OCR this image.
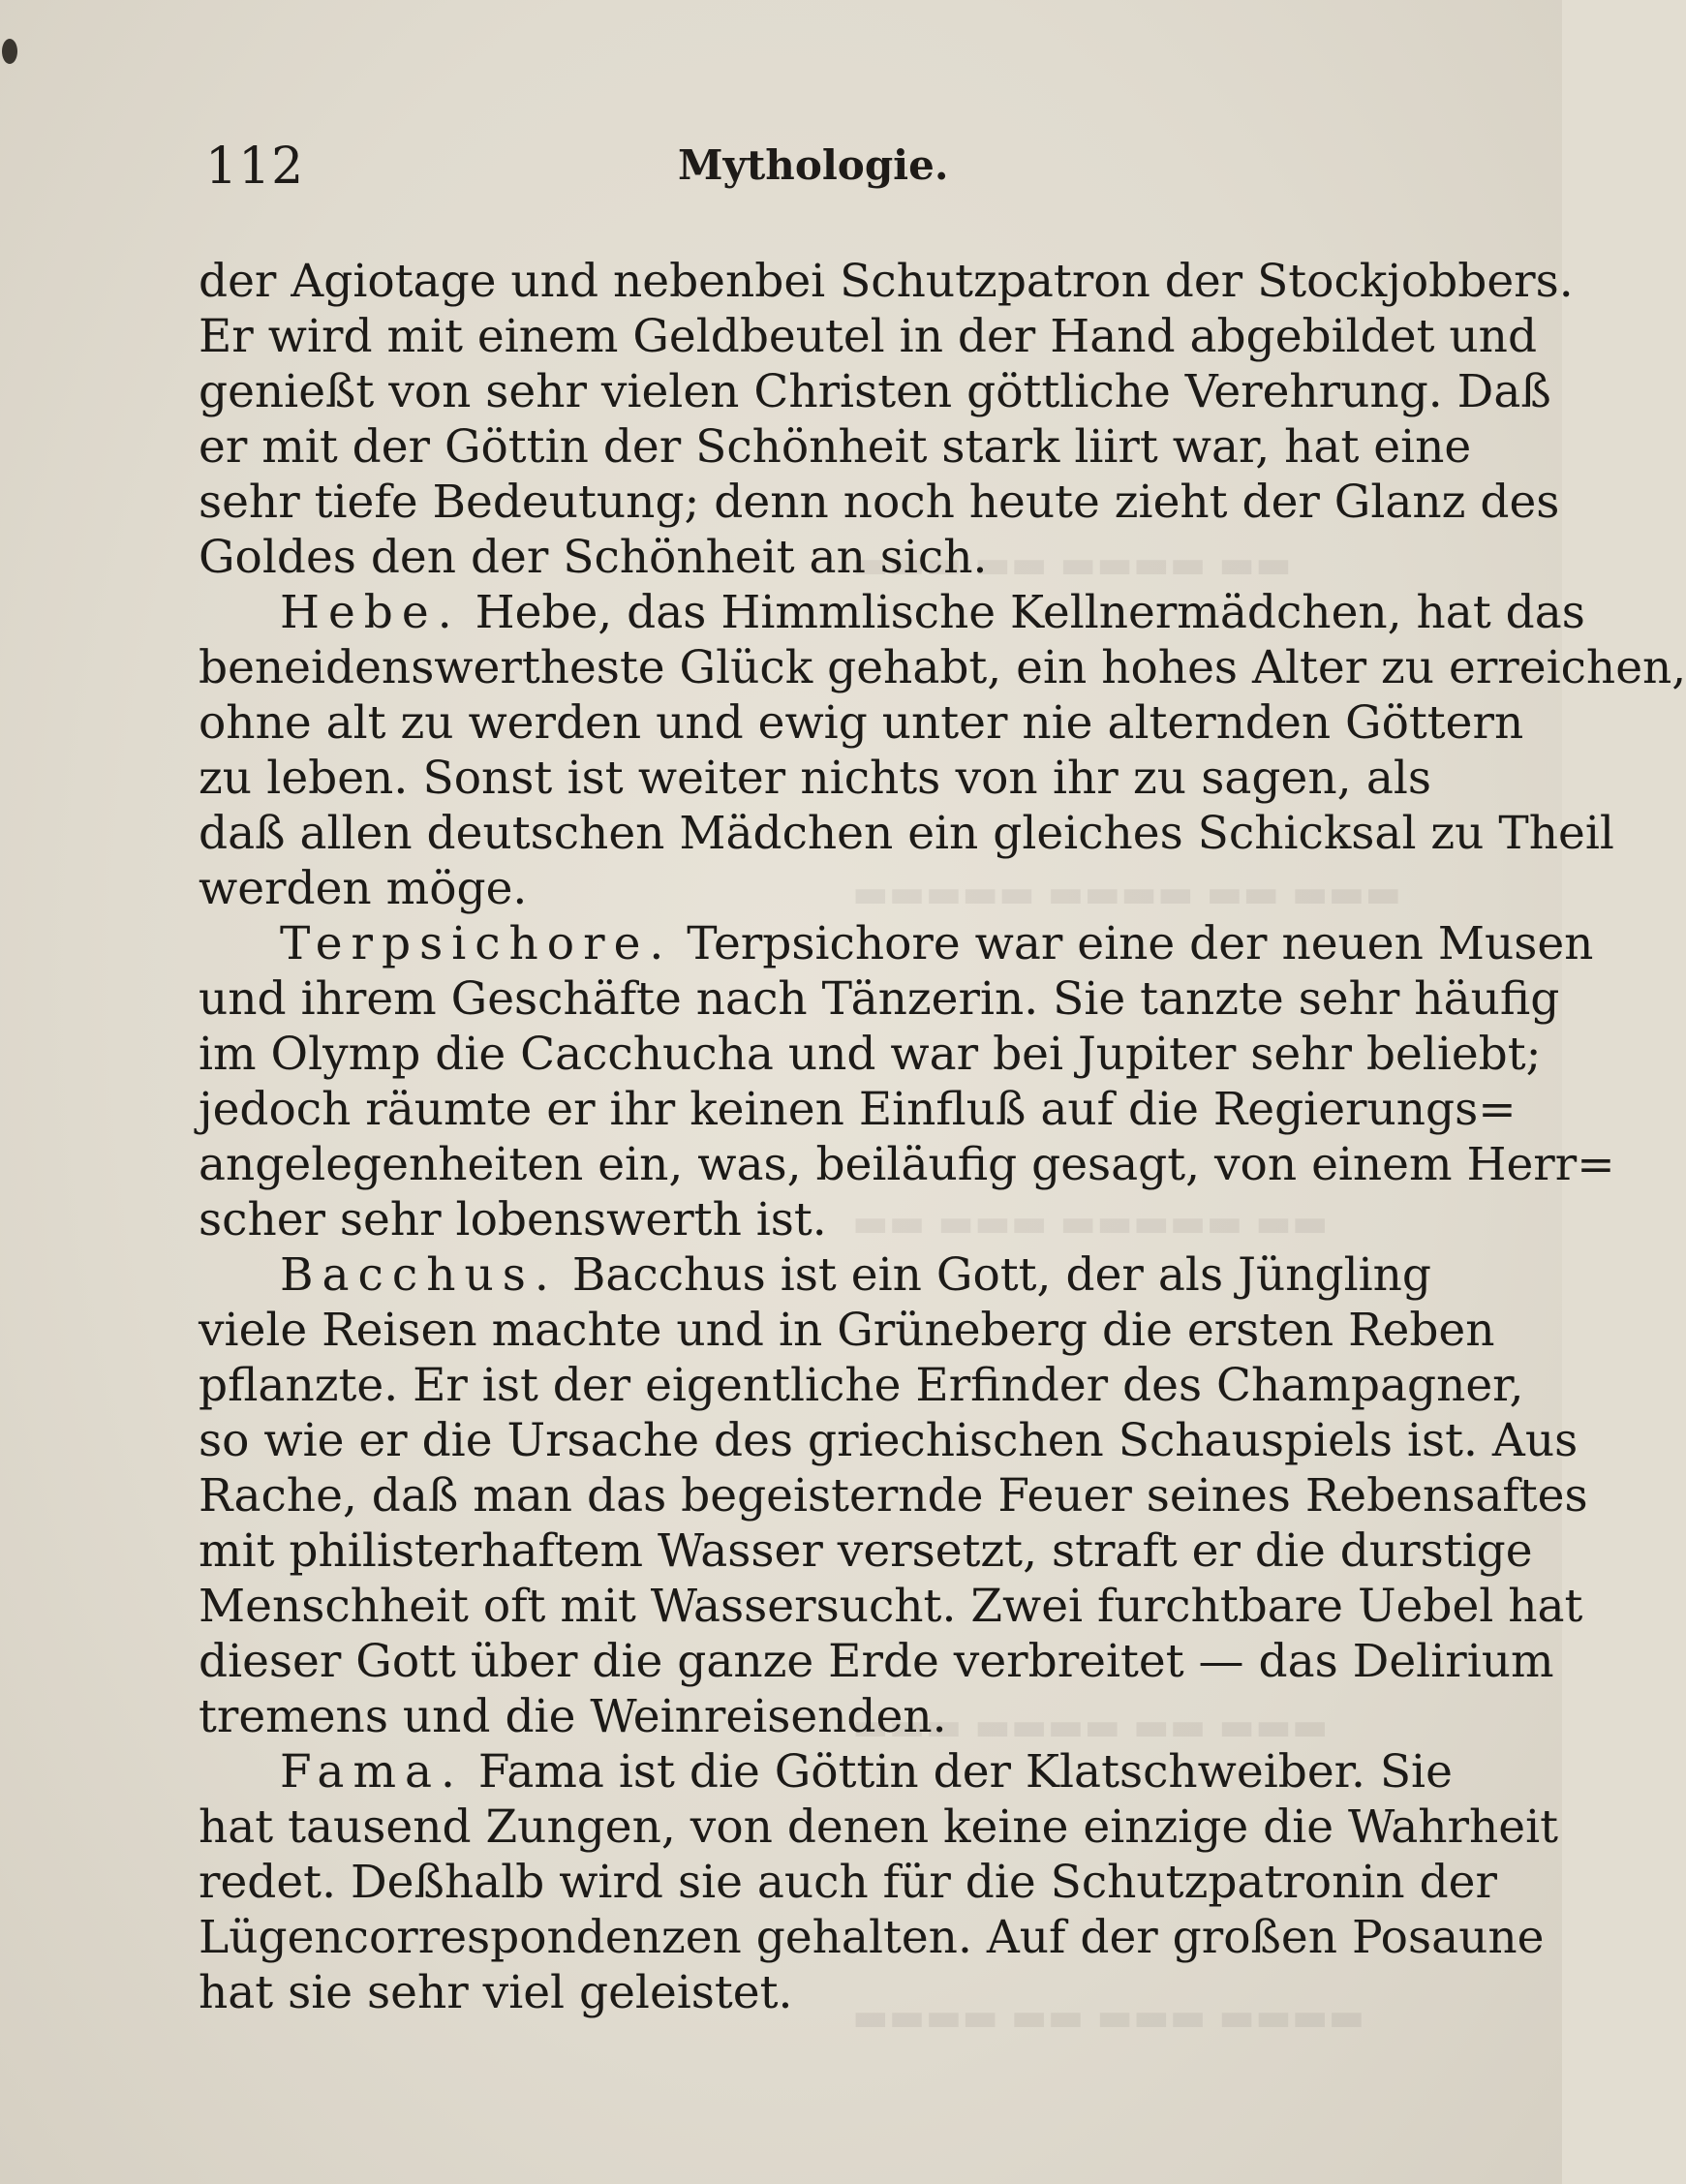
▬▬▬ ▬▬ ▬▬▬▬ ▬▬
▬▬▬▬▬ ▬▬▬▬ ▬▬ ▬▬▬
▬▬ ▬▬▬ ▬▬▬▬▬ ▬▬
▬▬▬ ▬▬▬▬ ▬▬ ▬▬▬
▬▬▬▬ ▬▬ ▬▬▬ ▬▬▬▬
112	Mythologie.
der Agiotage und nebenbei Schutzpatron der Stockjobbers.
Er wird mit einem Geldbeutel in der Hand abgebildet und
genießt von sehr vielen Christen göttliche Verehrung. Daß
er mit der Göttin der Schönheit stark liirt war, hat eine
sehr tiefe Bedeutung; denn noch heute zieht der Glanz des
Goldes den der Schönheit an sich.
Hebe. Hebe, das Himmlische Kellnermädchen, hat das
beneidenswertheste Glück gehabt, ein hohes Alter zu erreichen,
ohne alt zu werden und ewig unter nie alternden Göttern
zu leben. Sonst ist weiter nichts von ihr zu sagen, als
daß allen deutschen Mädchen ein gleiches Schicksal zu Theil
werden möge.
Terpsichore. Terpsichore war eine der neuen Musen
und ihrem Geschäfte nach Tänzerin. Sie tanzte sehr häufig
im Olymp die Cacchucha und war bei Jupiter sehr beliebt;
jedoch räumte er ihr keinen Einfluß auf die Regierungs=
angelegenheiten ein, was, beiläufig gesagt, von einem Herr=
scher sehr lobenswerth ist.
Bacchus. Bacchus ist ein Gott, der als Jüngling
viele Reisen machte und in Grüneberg die ersten Reben
pflanzte. Er ist der eigentliche Erfinder des Champagner,
so wie er die Ursache des griechischen Schauspiels ist. Aus
Rache, daß man das begeisternde Feuer seines Rebensaftes
mit philisterhaftem Wasser versetzt, straft er die durstige
Menschheit oft mit Wassersucht. Zwei furchtbare Uebel hat
dieser Gott über die ganze Erde verbreitet — das Delirium
tremens und die Weinreisenden.
Fama. Fama ist die Göttin der Klatschweiber. Sie
hat tausend Zungen, von denen keine einzige die Wahrheit
redet. Deßhalb wird sie auch für die Schutzpatronin der
Lügencorrespondenzen gehalten. Auf der großen Posaune
hat sie sehr viel geleistet.
